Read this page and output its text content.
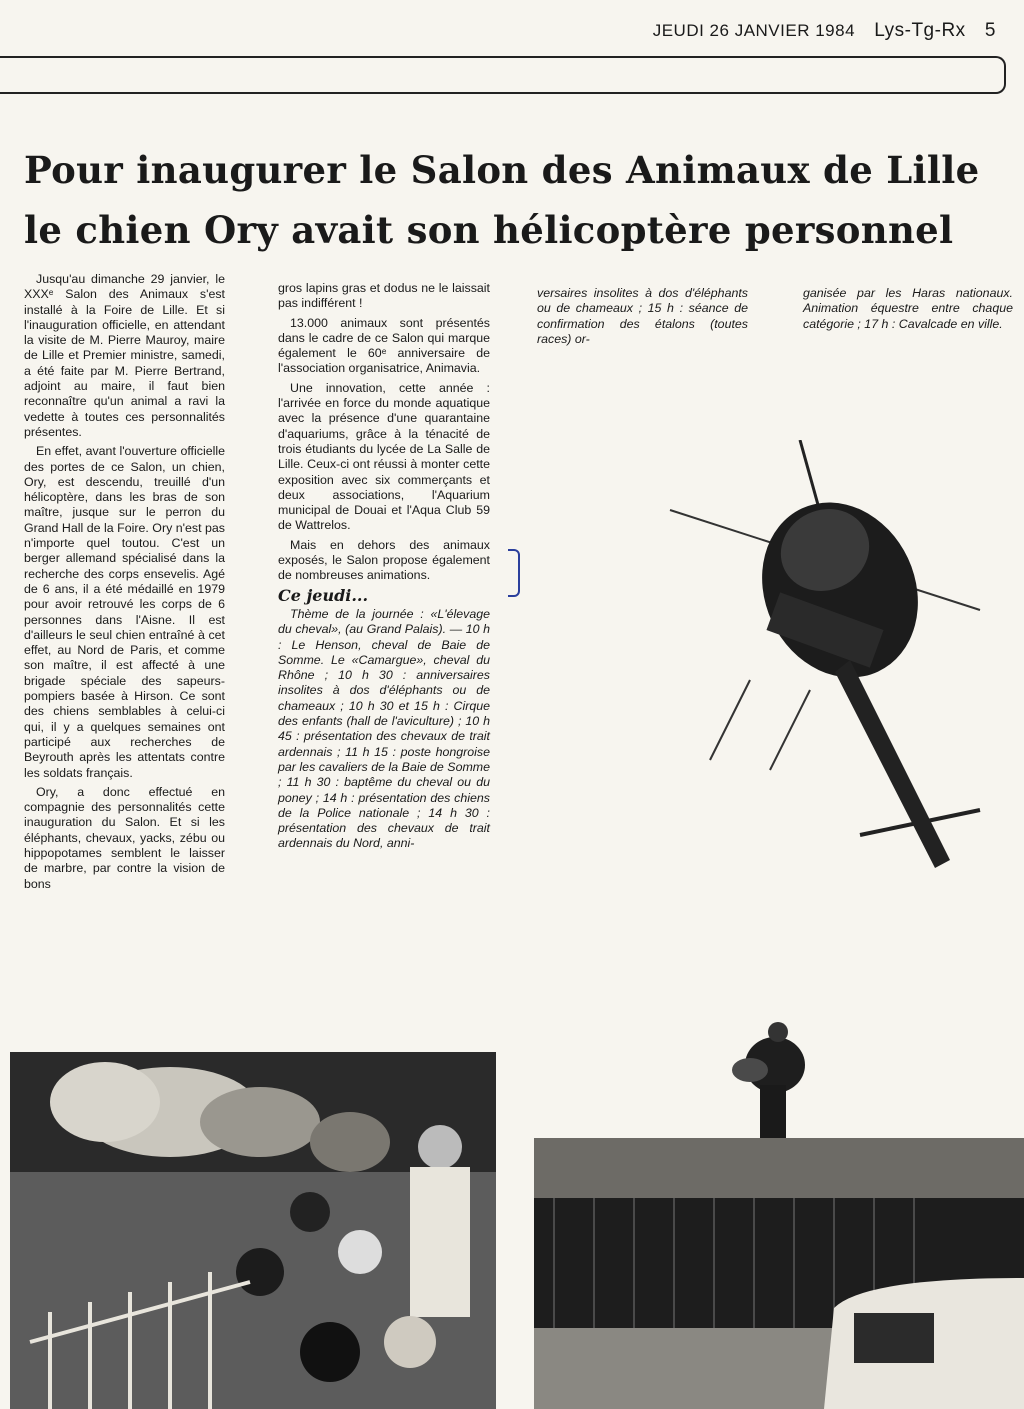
JEUDI 26 JANVIER 1984 Lys-Tg-Rx 5
Pour inaugurer le Salon des Animaux de Lille
le chien Ory avait son hélicoptère personnel

Jusqu'au dimanche 29 janvier, le XXXᵉ Salon des Animaux s'est installé à la Foire de Lille. Et si l'inauguration officielle, en attendant la visite de M. Pierre Mauroy, maire de Lille et Premier ministre, samedi, a été faite par M. Pierre Bertrand, adjoint au maire, il faut bien reconnaître qu'un animal a ravi la vedette à toutes ces personnalités présentes.

En effet, avant l'ouverture officielle des portes de ce Salon, un chien, Ory, est descendu, treuillé d'un hélicoptère, dans les bras de son maître, jusque sur le perron du Grand Hall de la Foire. Ory n'est pas n'importe quel toutou. C'est un berger allemand spécialisé dans la recherche des corps ensevelis. Agé de 6 ans, il a été médaillé en 1979 pour avoir retrouvé les corps de 6 personnes dans l'Aisne. Il est d'ailleurs le seul chien entraîné à cet effet, au Nord de Paris, et comme son maître, il est affecté à une brigade spéciale des sapeurs-pompiers basée à Hirson. Ce sont des chiens semblables à celui-ci qui, il y a quelques semaines ont participé aux recherches de Beyrouth après les attentats contre les soldats français.

Ory, a donc effectué en compagnie des personnalités cette inauguration du Salon. Et si les éléphants, chevaux, yacks, zébu ou hippopotames semblent le laisser de marbre, par contre la vision de bons

gros lapins gras et dodus ne le laissait pas indifférent !

13.000 animaux sont présentés dans le cadre de ce Salon qui marque également le 60ᵉ anniversaire de l'association organisatrice, Animavia.

Une innovation, cette année : l'arrivée en force du monde aquatique avec la présence d'une quarantaine d'aquariums, grâce à la ténacité de trois étudiants du lycée de La Salle de Lille. Ceux-ci ont réussi à monter cette exposition avec six commerçants et deux associations, l'Aquarium municipal de Douai et l'Aqua Club 59 de Wattrelos.

Mais en dehors des animaux exposés, le Salon propose également de nombreuses animations.

Ce jeudi...

Thème de la journée : «L'élevage du cheval», (au Grand Palais). — 10 h : Le Henson, cheval de Baie de Somme. Le «Camargue», cheval du Rhône ; 10 h 30 : anniversaires insolites à dos d'éléphants ou de chameaux ; 10 h 30 et 15 h : Cirque des enfants (hall de l'aviculture) ; 10 h 45 : présentation des chevaux de trait ardennais ; 11 h 15 : poste hongroise par les cavaliers de la Baie de Somme ; 11 h 30 : baptême du cheval ou du poney ; 14 h : présentation des chiens de la Police nationale ; 14 h 30 : présentation des chevaux de trait ardennais du Nord, anni-

versaires insolites à dos d'éléphants ou de chameaux ; 15 h : séance de confirmation des étalons (toutes races) or-

ganisée par les Haras nationaux. Animation équestre entre chaque catégorie ; 17 h : Cavalcade en ville.
